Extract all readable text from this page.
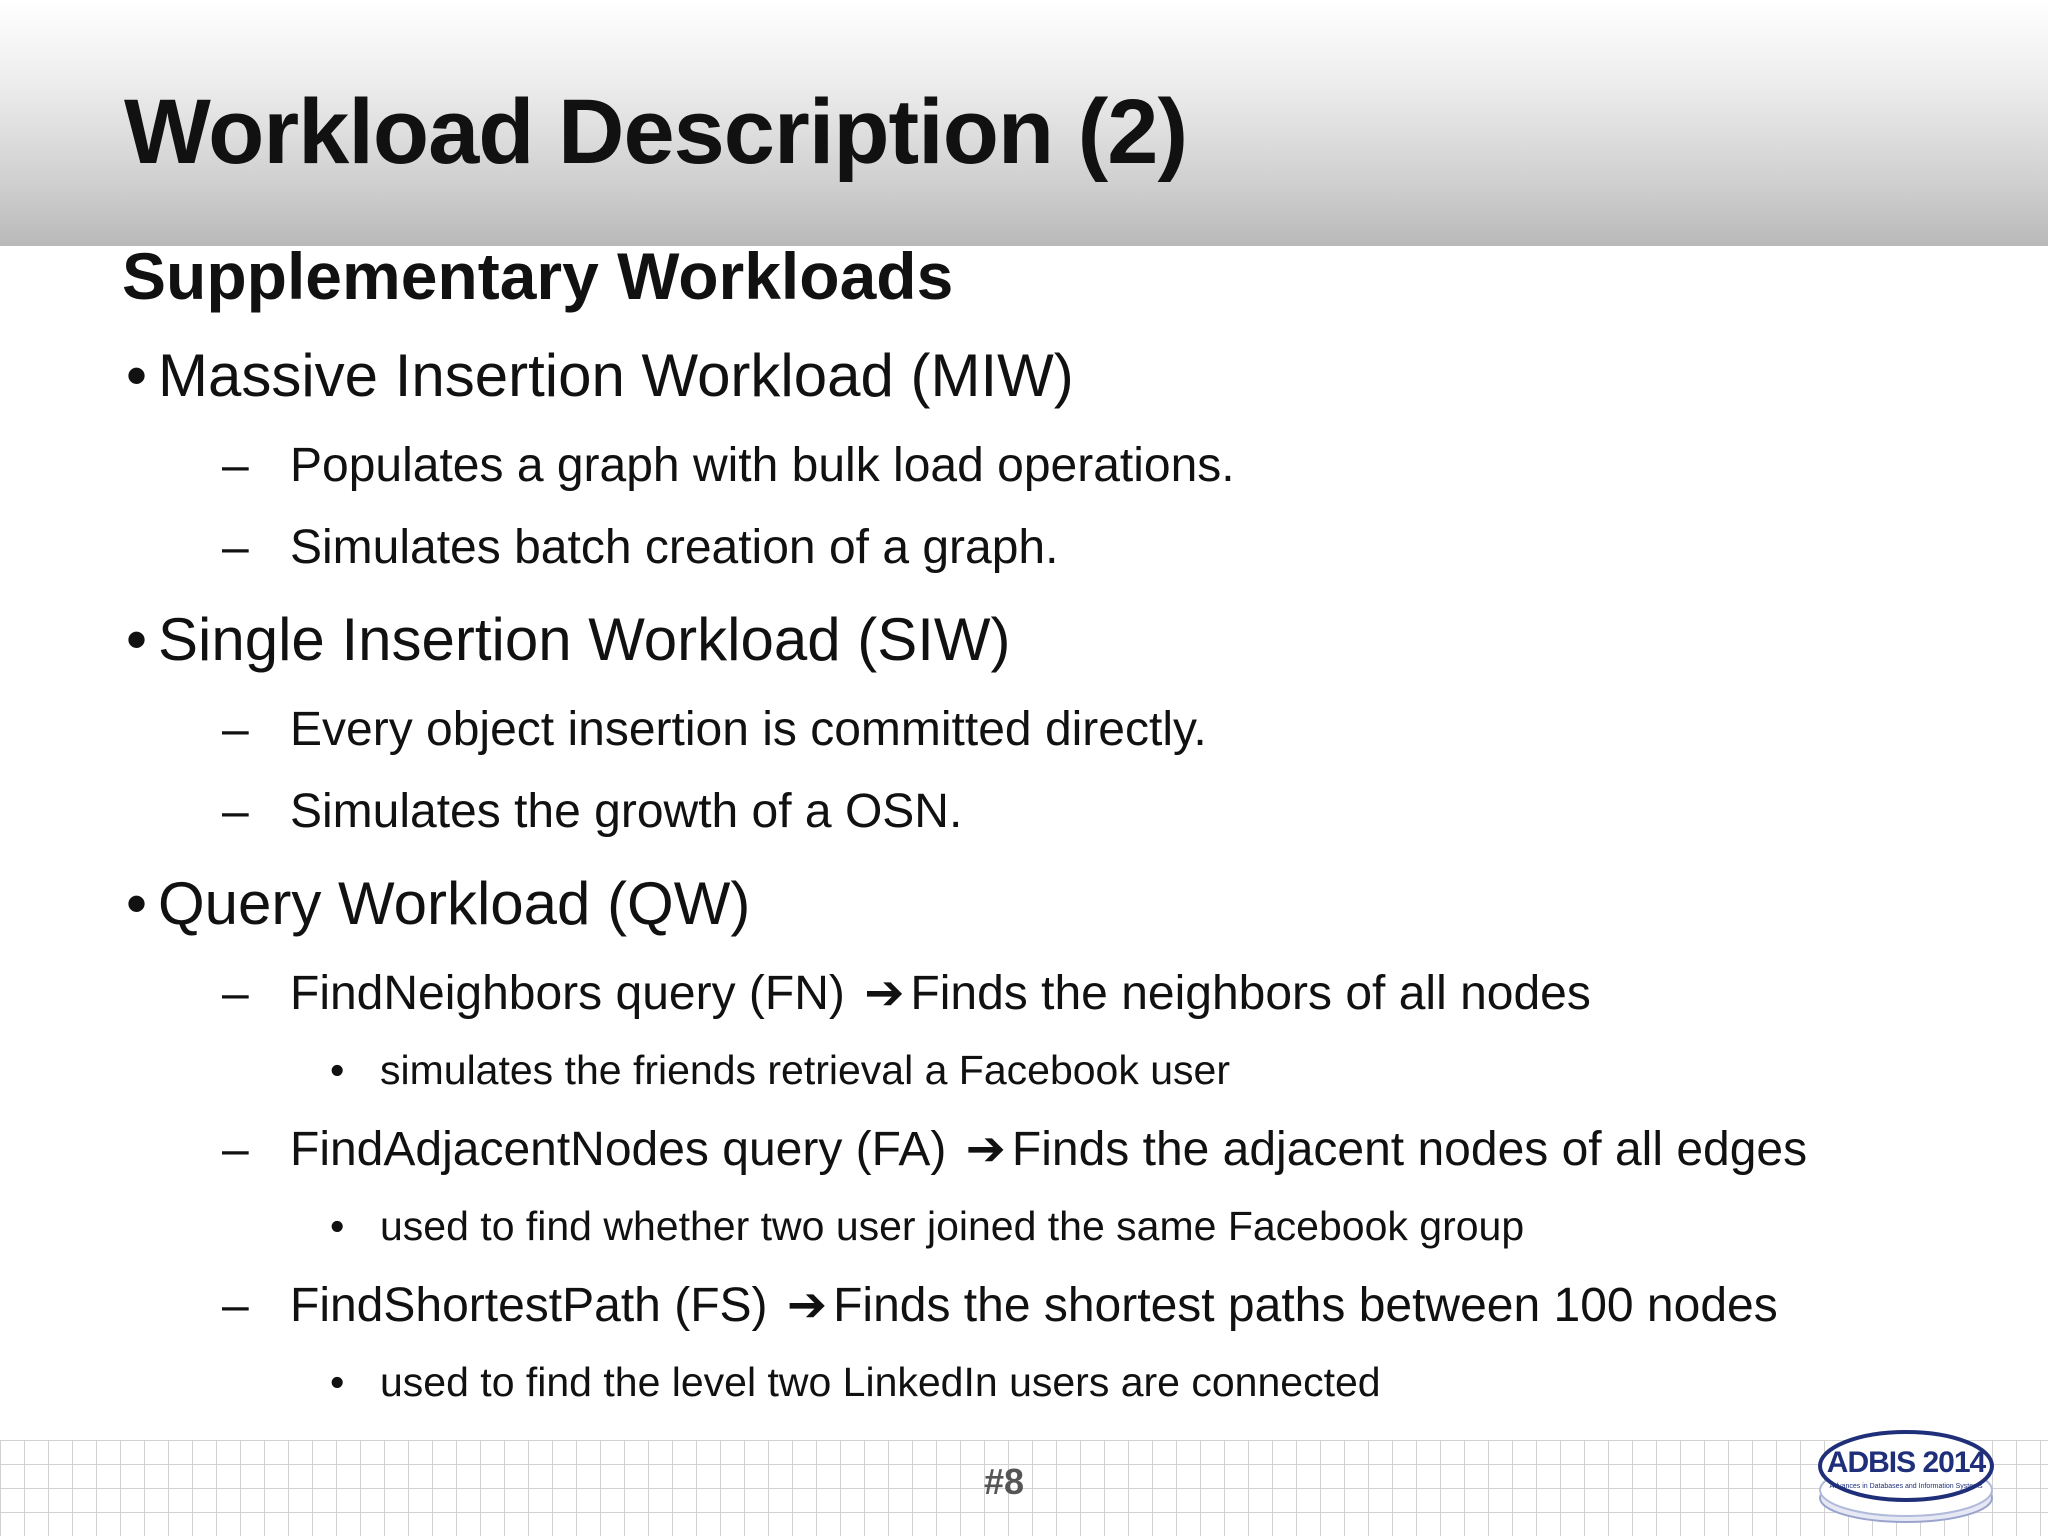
Workload Description (2)
Supplementary Workloads
• Massive Insertion Workload (MIW)
– Populates a graph with bulk load operations.
– Simulates batch creation of a graph.
• Single Insertion Workload (SIW)
– Every object insertion is committed directly.
– Simulates the growth of a OSN.
• Query Workload (QW)
– FindNeighbors query (FN) ➔ Finds the neighbors of all nodes
• simulates the friends retrieval a Facebook user
– FindAdjacentNodes query (FA) ➔ Finds the adjacent nodes of all edges
• used to find whether two user joined the same Facebook group
– FindShortestPath (FS) ➔ Finds the shortest paths between 100 nodes
• used to find the level two LinkedIn users are connected
#8	Advances in Databases and Information Systems
ADBIS 2014
